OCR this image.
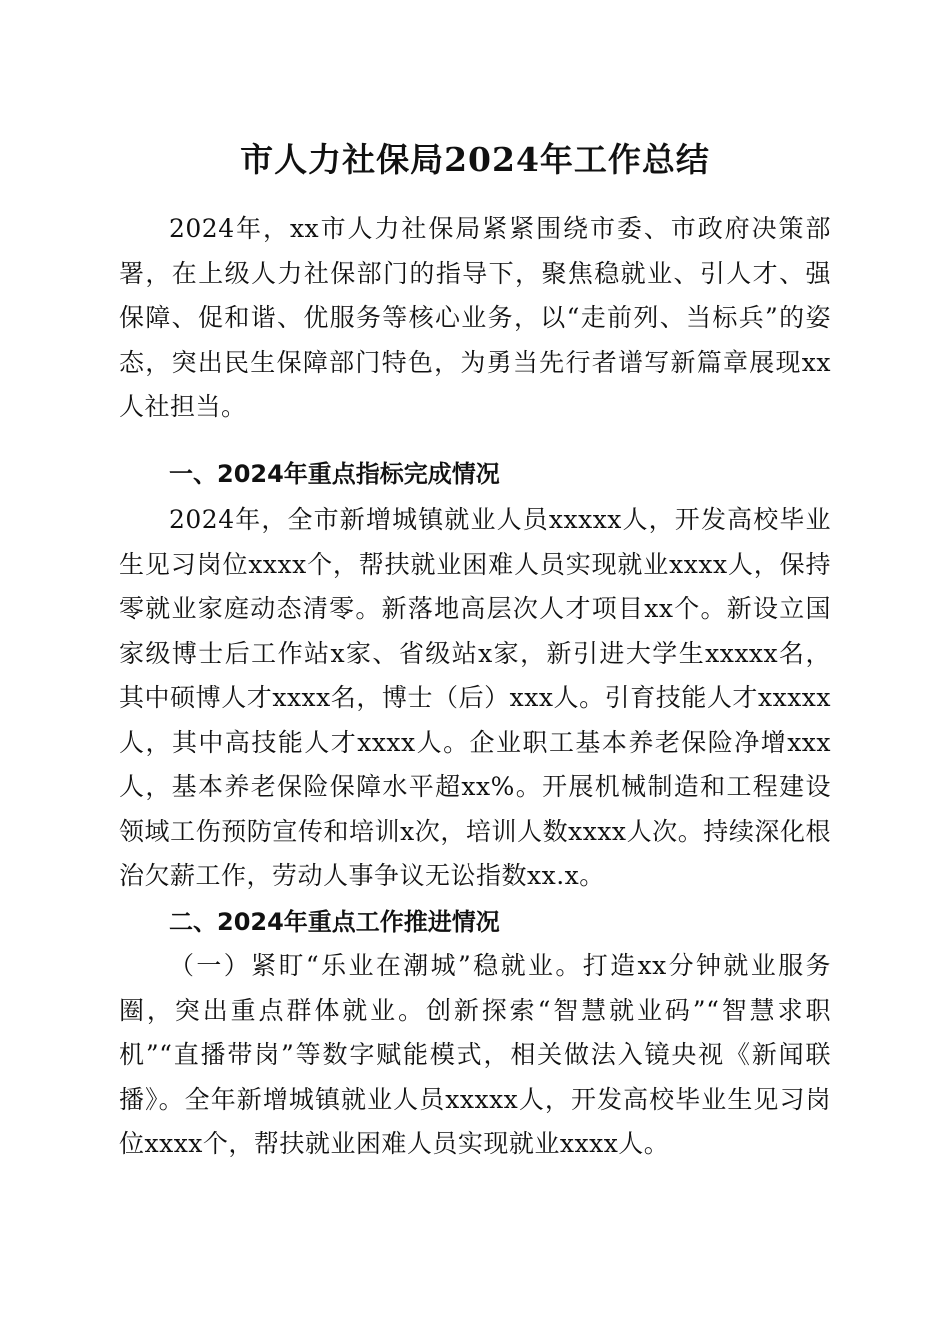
市人力社保局2024年工作总结

2024年，xx市人力社保局紧紧围绕市委、市政府决策部署，在上级人力社保部门的指导下，聚焦稳就业、引人才、强保障、促和谐、优服务等核心业务，以“走前列、当标兵”的姿态，突出民生保障部门特色，为勇当先行者谱写新篇章展现xx人社担当。

一、2024年重点指标完成情况

2024年，全市新增城镇就业人员xxxxx人，开发高校毕业生见习岗位xxxx个，帮扶就业困难人员实现就业xxxx人，保持零就业家庭动态清零。新落地高层次人才项目xx个。新设立国家级博士后工作站x家、省级站x家，新引进大学生xxxxx名，其中硕博人才xxxx名，博士（后）xxx人。引育技能人才xxxxx人，其中高技能人才xxxx人。企业职工基本养老保险净增xxx人，基本养老保险保障水平超xx%。开展机械制造和工程建设领域工伤预防宣传和培训x次，培训人数xxxx人次。持续深化根治欠薪工作，劳动人事争议无讼指数xx.x。

二、2024年重点工作推进情况

（一）紧盯“乐业在潮城”稳就业。打造xx分钟就业服务圈，突出重点群体就业。创新探索“智慧就业码”“智慧求职机”“直播带岗”等数字赋能模式，相关做法入镜央视《新闻联播》。全年新增城镇就业人员xxxxx人，开发高校毕业生见习岗位xxxx个，帮扶就业困难人员实现就业xxxx人。
